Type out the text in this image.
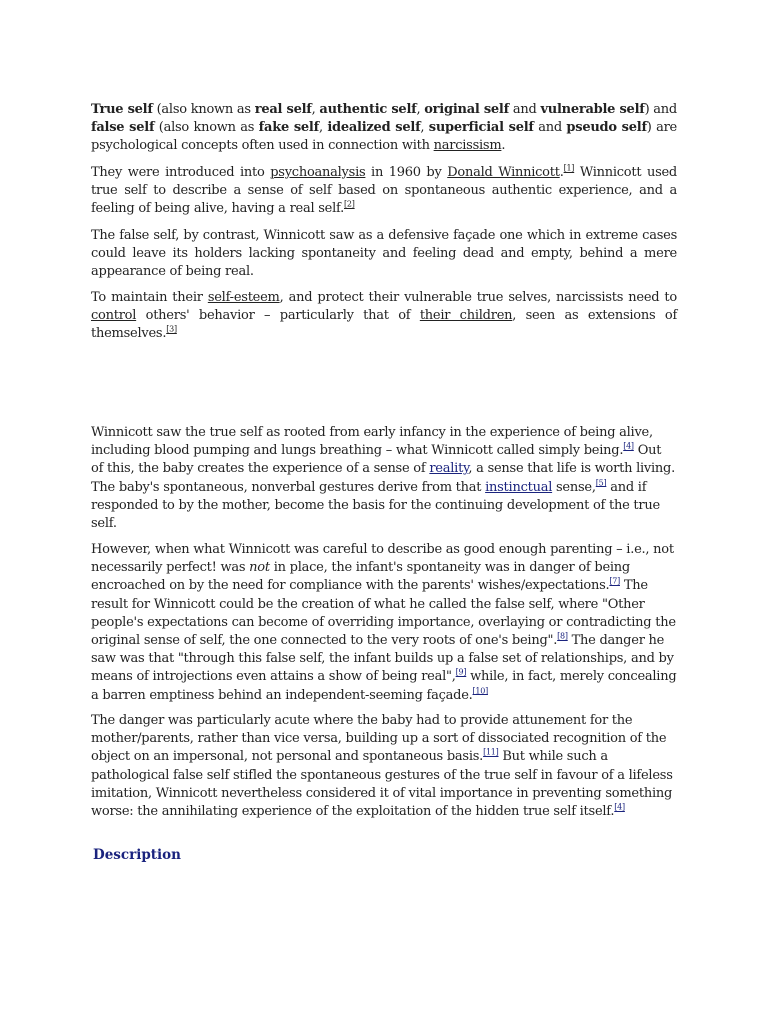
True self (also known as real self, authentic self, original self and vulnerable self) and false self (also known as fake self, idealized self, superficial self and pseudo self) are psychological concepts often used in connection with narcissism.
They were introduced into psychoanalysis in 1960 by Donald Winnicott.[1] Winnicott used true self to describe a sense of self based on spontaneous authentic experience, and a feeling of being alive, having a real self.[2]
The false self, by contrast, Winnicott saw as a defensive façade one which in extreme cases could leave its holders lacking spontaneity and feeling dead and empty, behind a mere appearance of being real.
To maintain their self-esteem, and protect their vulnerable true selves, narcissists need to control others' behavior – particularly that of their children, seen as extensions of themselves.[3]
Winnicott saw the true self as rooted from early infancy in the experience of being alive, including blood pumping and lungs breathing – what Winnicott called simply being.[4] Out of this, the baby creates the experience of a sense of reality, a sense that life is worth living. The baby's spontaneous, nonverbal gestures derive from that instinctual sense,[5] and if responded to by the mother, become the basis for the continuing development of the true self.
However, when what Winnicott was careful to describe as good enough parenting – i.e., not necessarily perfect! was not in place, the infant's spontaneity was in danger of being encroached on by the need for compliance with the parents' wishes/expectations.[7] The result for Winnicott could be the creation of what he called the false self, where "Other people's expectations can become of overriding importance, overlaying or contradicting the original sense of self, the one connected to the very roots of one's being".[8] The danger he saw was that "through this false self, the infant builds up a false set of relationships, and by means of introjections even attains a show of being real",[9] while, in fact, merely concealing a barren emptiness behind an independent-seeming façade.[10]
The danger was particularly acute where the baby had to provide attunement for the mother/parents, rather than vice versa, building up a sort of dissociated recognition of the object on an impersonal, not personal and spontaneous basis.[11] But while such a pathological false self stifled the spontaneous gestures of the true self in favour of a lifeless imitation, Winnicott nevertheless considered it of vital importance in preventing something worse: the annihilating experience of the exploitation of the hidden true self itself.[4]
Description
